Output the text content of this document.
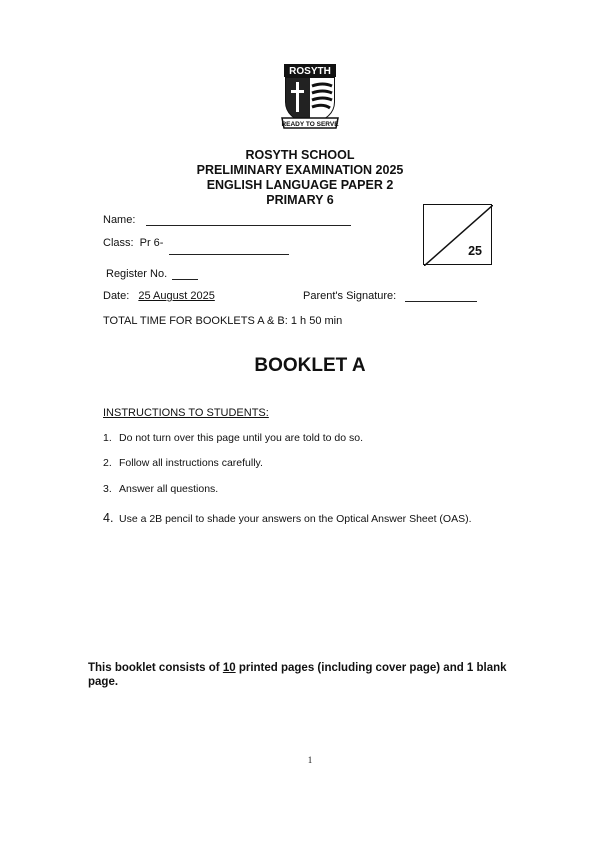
ROSYTH
READY TO SERVE
ROSYTH SCHOOL
PRELIMINARY EXAMINATION 2025
ENGLISH LANGUAGE PAPER 2
PRIMARY 6
Name:
Class: Pr 6-
Register No.
Date: 25 August 2025	Parent's Signature:
TOTAL TIME FOR BOOKLETS A & B: 1 h 50 min
25
BOOKLET A
INSTRUCTIONS TO STUDENTS:
1. Do not turn over this page until you are told to do so.
2. Follow all instructions carefully.
3. Answer all questions.
4. Use a 2B pencil to shade your answers on the Optical Answer Sheet (OAS).
This booklet consists of 10 printed pages (including cover page) and 1 blank page.
1
